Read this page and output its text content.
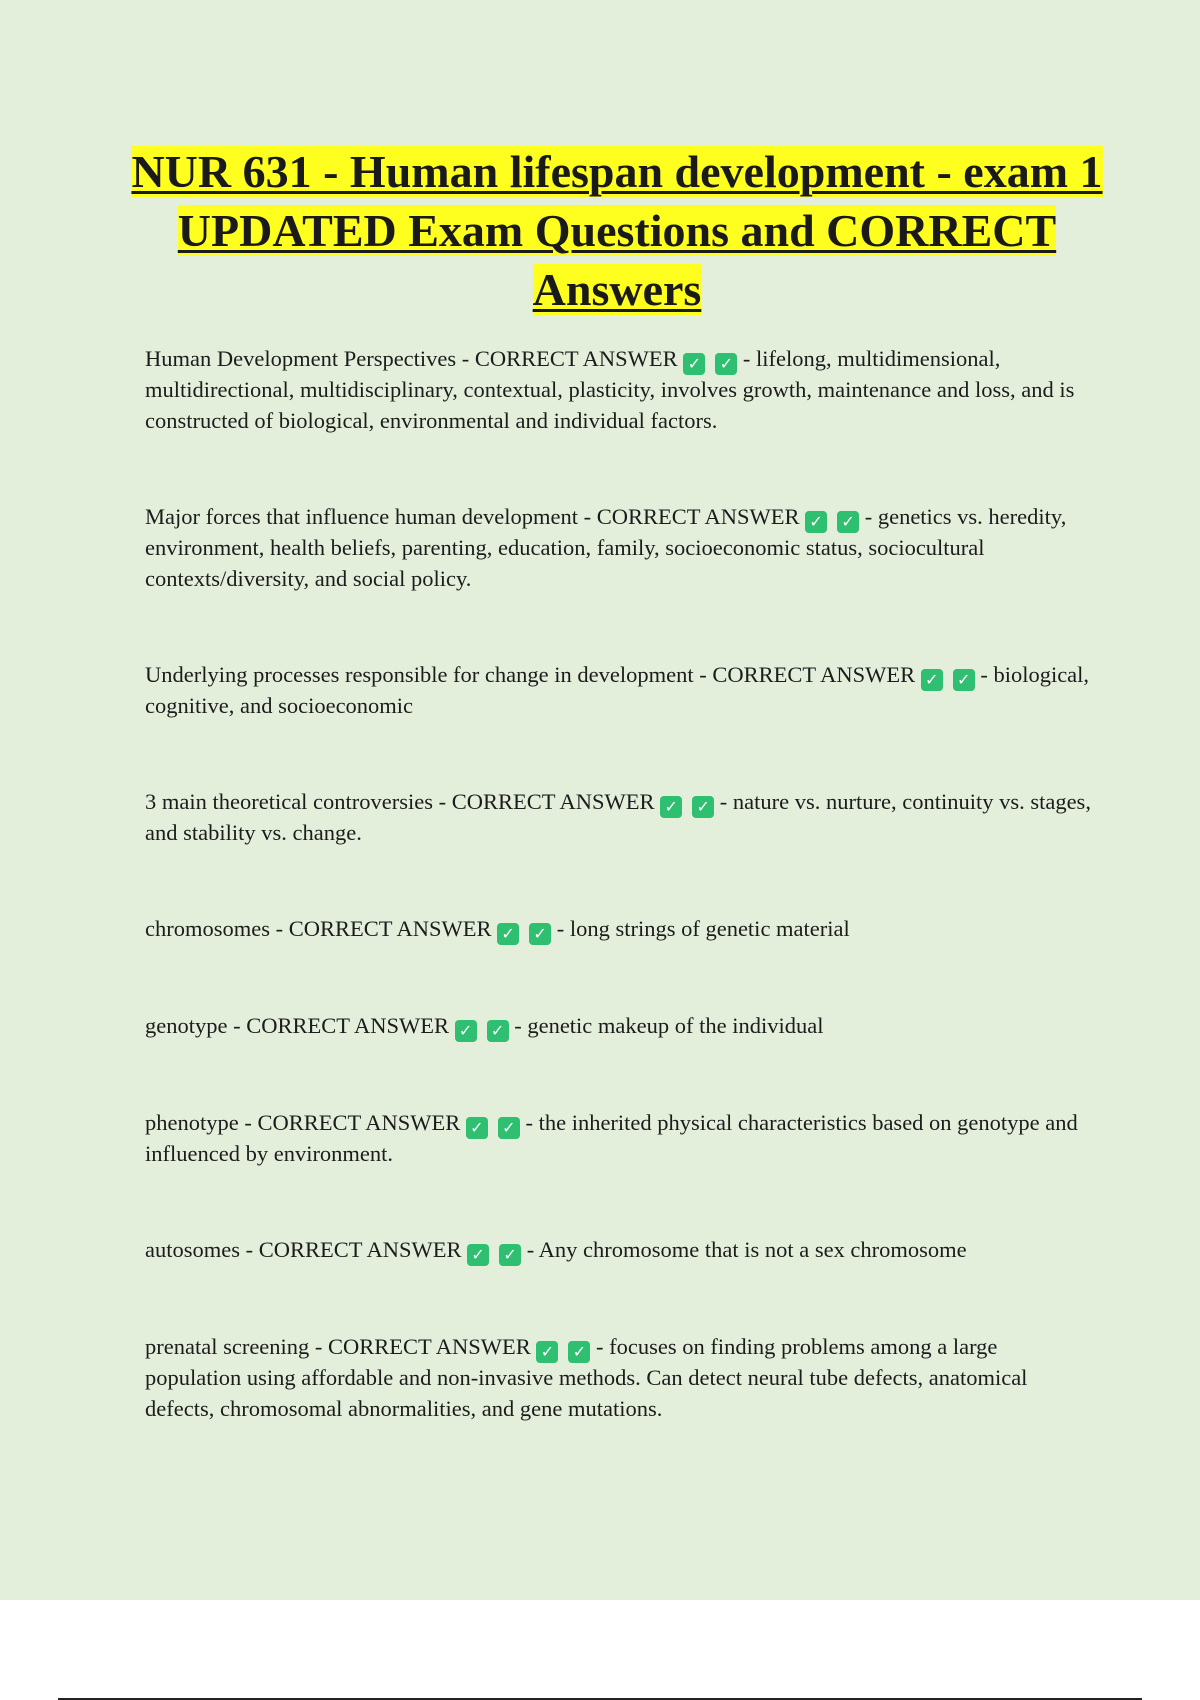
NUR 631 - Human lifespan development - exam 1 UPDATED Exam Questions and CORRECT Answers

Human Development Perspectives - CORRECT ANSWER ✓ ✓ - lifelong, multidimensional, multidirectional, multidisciplinary, contextual, plasticity, involves growth, maintenance and loss, and is constructed of biological, environmental and individual factors.

Major forces that influence human development - CORRECT ANSWER ✓ ✓ - genetics vs. heredity, environment, health beliefs, parenting, education, family, socioeconomic status, sociocultural contexts/diversity, and social policy.

Underlying processes responsible for change in development - CORRECT ANSWER ✓ ✓ - biological, cognitive, and socioeconomic

3 main theoretical controversies - CORRECT ANSWER ✓ ✓ - nature vs. nurture, continuity vs. stages, and stability vs. change.

chromosomes - CORRECT ANSWER ✓ ✓ - long strings of genetic material

genotype - CORRECT ANSWER ✓ ✓ - genetic makeup of the individual

phenotype - CORRECT ANSWER ✓ ✓ - the inherited physical characteristics based on genotype and influenced by environment.

autosomes - CORRECT ANSWER ✓ ✓ - Any chromosome that is not a sex chromosome

prenatal screening - CORRECT ANSWER ✓ ✓ - focuses on finding problems among a large population using affordable and non-invasive methods. Can detect neural tube defects, anatomical defects, chromosomal abnormalities, and gene mutations.
